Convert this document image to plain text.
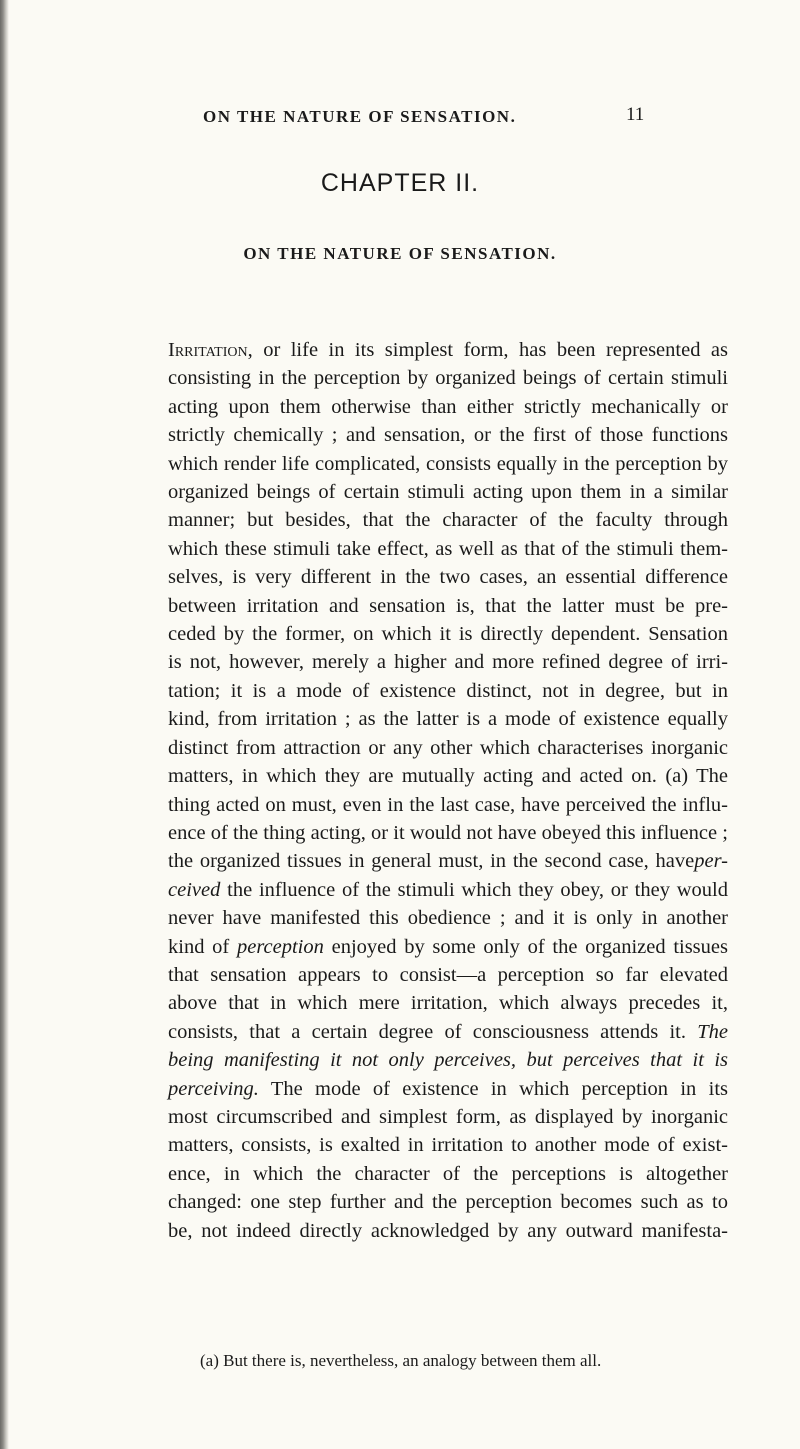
ON THE NATURE OF SENSATION.	11
CHAPTER II.
ON THE NATURE OF SENSATION.
Irritation, or life in its simplest form, has been represented as
consisting in the perception by organized beings of certain stimuli
acting upon them otherwise than either strictly mechanically or
strictly chemically ; and sensation, or the first of those functions
which render life complicated, consists equally in the perception by
organized beings of certain stimuli acting upon them in a similar
manner; but besides, that the character of the faculty through
which these stimuli take effect, as well as that of the stimuli them-
selves, is very different in the two cases, an essential difference
between irritation and sensation is, that the latter must be pre-
ceded by the former, on which it is directly dependent. Sensation
is not, however, merely a higher and more refined degree of irri-
tation; it is a mode of existence distinct, not in degree, but in
kind, from irritation ; as the latter is a mode of existence equally
distinct from attraction or any other which characterises inorganic
matters, in which they are mutually acting and acted on. (a) The
thing acted on must, even in the last case, have perceived the influ-
ence of the thing acting, or it would not have obeyed this influence ;
the organized tissues in general must, in the second case, haveper-
ceived the influence of the stimuli which they obey, or they would
never have manifested this obedience ; and it is only in another
kind of perception enjoyed by some only of the organized tissues
that sensation appears to consist—a perception so far elevated
above that in which mere irritation, which always precedes it,
consists, that a certain degree of consciousness attends it. The
being manifesting it not only perceives, but perceives that it is
perceiving. The mode of existence in which perception in its
most circumscribed and simplest form, as displayed by inorganic
matters, consists, is exalted in irritation to another mode of exist-
ence, in which the character of the perceptions is altogether
changed: one step further and the perception becomes such as to
be, not indeed directly acknowledged by any outward manifesta-
(a) But there is, nevertheless, an analogy between them all.
